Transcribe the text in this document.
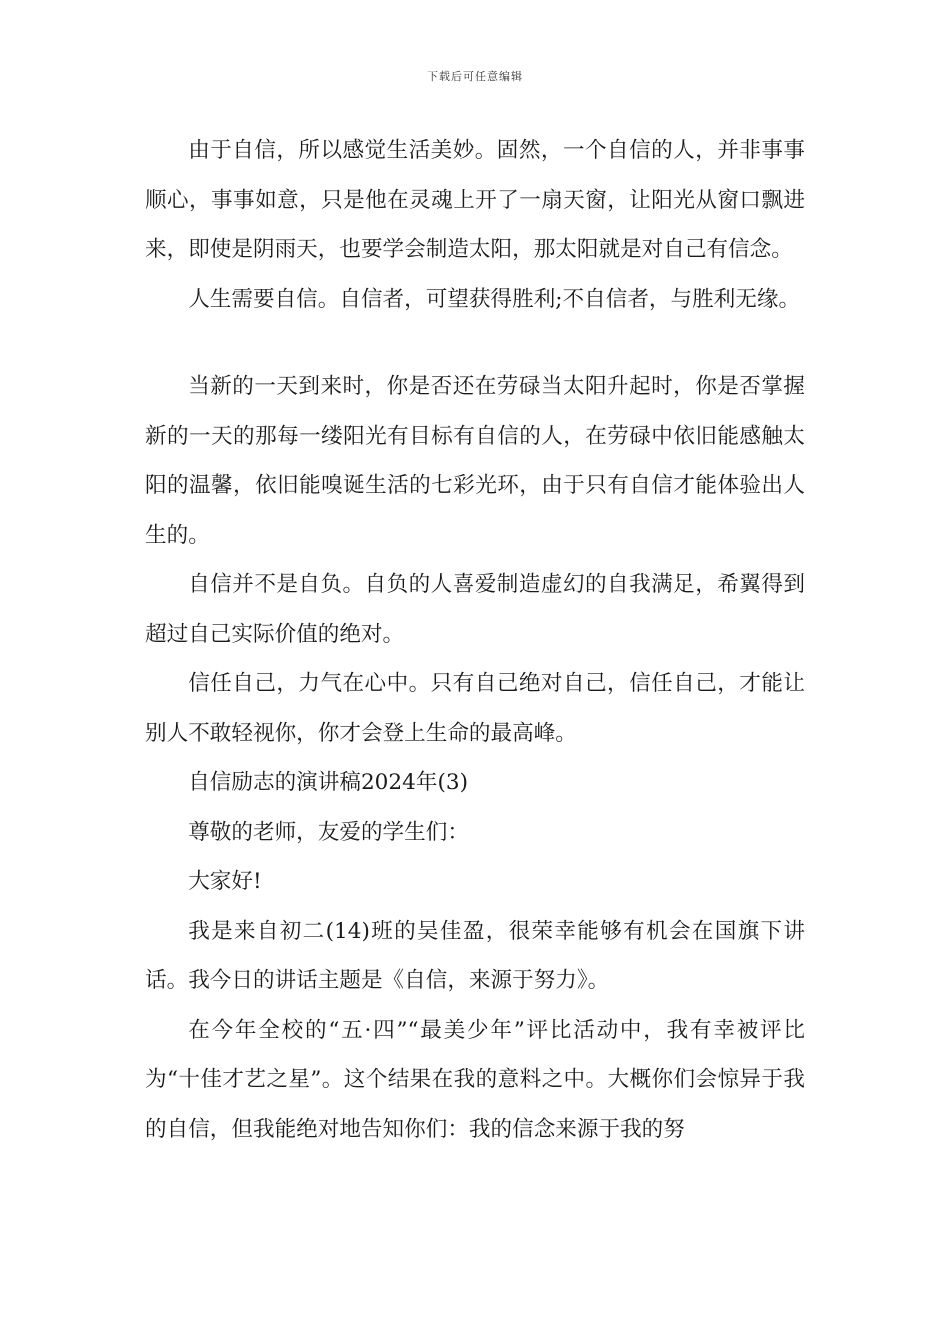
下载后可任意编辑

由于自信，所以感觉生活美妙。固然，一个自信的人，并非事事顺心，事事如意，只是他在灵魂上开了一扇天窗，让阳光从窗口飘进来，即使是阴雨天，也要学会制造太阳，那太阳就是对自己有信念。

人生需要自信。自信者，可望获得胜利;不自信者，与胜利无缘。

当新的一天到来时，你是否还在劳碌当太阳升起时，你是否掌握新的一天的那每一缕阳光有目标有自信的人，在劳碌中依旧能感触太阳的温馨，依旧能嗅诞生活的七彩光环，由于只有自信才能体验出人生的。

自信并不是自负。自负的人喜爱制造虚幻的自我满足，希翼得到超过自己实际价值的绝对。

信任自己，力气在心中。只有自己绝对自己，信任自己，才能让别人不敢轻视你，你才会登上生命的最高峰。

自信励志的演讲稿2024年(3)

尊敬的老师，友爱的学生们：

大家好!

我是来自初二(14)班的吴佳盈，很荣幸能够有机会在国旗下讲话。我今日的讲话主题是《自信，来源于努力》。

在今年全校的“五·四”“最美少年”评比活动中，我有幸被评比为“十佳才艺之星”。这个结果在我的意料之中。大概你们会惊异于我的自信，但我能绝对地告知你们：我的信念来源于我的努
